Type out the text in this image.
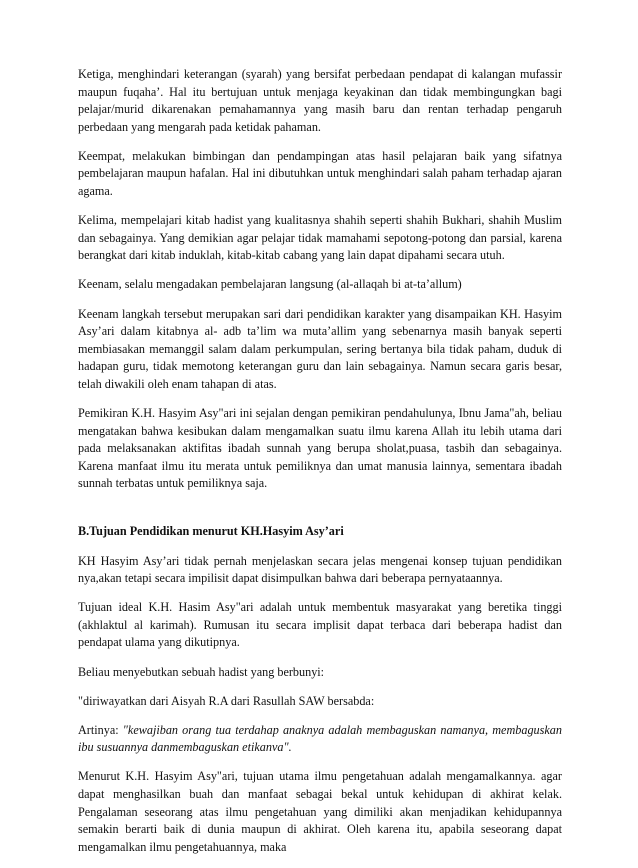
Ketiga, menghindari keterangan (syarah) yang bersifat perbedaan pendapat di kalangan mufassir maupun fuqaha’. Hal itu bertujuan untuk menjaga keyakinan dan tidak membingungkan bagi pelajar/murid dikarenakan pemahamannya yang masih baru dan rentan terhadap pengaruh perbedaan yang mengarah pada ketidak pahaman.

Keempat, melakukan bimbingan dan pendampingan atas hasil pelajaran baik yang sifatnya pembelajaran maupun hafalan. Hal ini dibutuhkan untuk menghindari salah paham terhadap ajaran agama.

Kelima, mempelajari kitab hadist yang kualitasnya shahih seperti shahih Bukhari, shahih Muslim dan sebagainya. Yang demikian agar pelajar tidak mamahami sepotong-potong dan parsial, karena berangkat dari kitab induklah, kitab-kitab cabang yang lain dapat dipahami secara utuh.

Keenam, selalu mengadakan pembelajaran langsung (al-allaqah bi at-ta’allum)

Keenam langkah tersebut merupakan sari dari pendidikan karakter yang disampaikan KH. Hasyim Asy’ari dalam kitabnya al- adb ta’lim wa muta’allim yang sebenarnya masih banyak seperti membiasakan memanggil salam dalam perkumpulan, sering bertanya bila tidak paham, duduk di hadapan guru, tidak memotong keterangan guru dan lain sebagainya. Namun secara garis besar, telah diwakili oleh enam tahapan di atas.

Pemikiran K.H. Hasyim Asy"ari ini sejalan dengan pemikiran pendahulunya, Ibnu Jama"ah, beliau mengatakan bahwa kesibukan dalam mengamalkan suatu ilmu karena Allah itu lebih utama dari pada melaksanakan aktifitas ibadah sunnah yang berupa sholat,puasa, tasbih dan sebagainya. Karena manfaat ilmu itu merata untuk pemiliknya dan umat manusia lainnya, sementara ibadah sunnah terbatas untuk pemiliknya saja.

B.Tujuan Pendidikan menurut KH.Hasyim Asy’ari

KH Hasyim Asy’ari tidak pernah menjelaskan secara jelas mengenai konsep tujuan pendidikan nya,akan tetapi secara impilisit dapat disimpulkan bahwa dari beberapa pernyataannya.

Tujuan ideal K.H. Hasim Asy"ari adalah untuk membentuk masyarakat yang beretika tinggi (akhlaktul al karimah). Rumusan itu secara implisit dapat terbaca dari beberapa hadist dan pendapat ulama yang dikutipnya.

Beliau menyebutkan sebuah hadist yang berbunyi:

"diriwayatkan dari Aisyah R.A dari Rasullah SAW bersabda:

Artinya: "kewajiban orang tua terdahap anaknya adalah membaguskan namanya, membaguskan ibu susuannya danmembaguskan etikanva".

Menurut K.H. Hasyim Asy"ari, tujuan utama ilmu pengetahuan adalah mengamalkannya. agar dapat menghasilkan buah dan manfaat sebagai bekal untuk kehidupan di akhirat kelak. Pengalaman seseorang atas ilmu pengetahuan yang dimiliki akan menjadikan kehidupannya semakin berarti baik di dunia maupun di akhirat. Oleh karena itu, apabila seseorang dapat mengamalkan ilmu pengetahuannya, maka
